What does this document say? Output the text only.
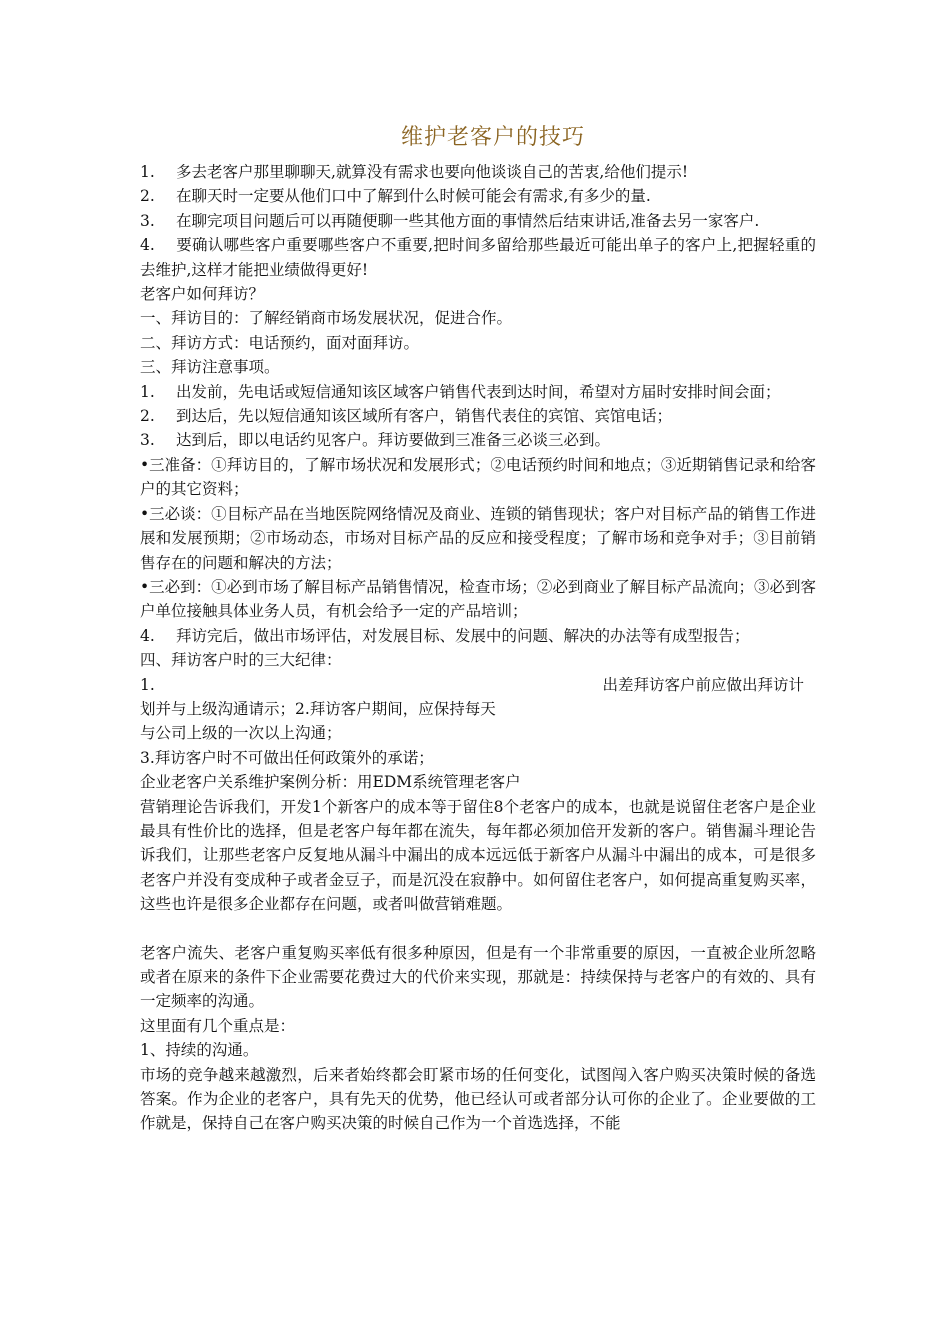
维护老客户的技巧

1. 多去老客户那里聊聊天,就算没有需求也要向他谈谈自己的苦衷,给他们提示!

2. 在聊天时一定要从他们口中了解到什么时候可能会有需求,有多少的量.

3. 在聊完项目问题后可以再随便聊一些其他方面的事情然后结束讲话,准备去另一家客户.

4. 要确认哪些客户重要哪些客户不重要,把时间多留给那些最近可能出单子的客户上,把握轻重的去维护,这样才能把业绩做得更好!

老客户如何拜访？

一、拜访目的：了解经销商市场发展状况，促进合作。

二、拜访方式：电话预约，面对面拜访。

三、拜访注意事项。

1. 出发前，先电话或短信通知该区域客户销售代表到达时间，希望对方届时安排时间会面；

2. 到达后，先以短信通知该区域所有客户，销售代表住的宾馆、宾馆电话；

3. 达到后，即以电话约见客户。拜访要做到三准备三必谈三必到。

•三准备：①拜访目的，了解市场状况和发展形式；②电话预约时间和地点；③近期销售记录和给客户的其它资料；

•三必谈：①目标产品在当地医院网络情况及商业、连锁的销售现状；客户对目标产品的销售工作进展和发展预期；②市场动态，市场对目标产品的反应和接受程度；了解市场和竞争对手；③目前销售存在的问题和解决的方法；

•三必到：①必到市场了解目标产品销售情况，检查市场；②必到商业了解目标产品流向；③必到客户单位接触具体业务人员，有机会给予一定的产品培训；

4. 拜访完后，做出市场评估，对发展目标、发展中的问题、解决的办法等有成型报告；

四、拜访客户时的三大纪律：

1.	出差拜访客户前应做出拜访计

划并与上级沟通请示；2.拜访客户期间，应保持每天

与公司上级的一次以上沟通；

3.拜访客户时不可做出任何政策外的承诺；

企业老客户关系维护案例分析：用EDM系统管理老客户

营销理论告诉我们，开发1个新客户的成本等于留住8个老客户的成本，也就是说留住老客户是企业最具有性价比的选择，但是老客户每年都在流失，每年都必须加倍开发新的客户。销售漏斗理论告诉我们，让那些老客户反复地从漏斗中漏出的成本远远低于新客户从漏斗中漏出的成本，可是很多老客户并没有变成种子或者金豆子，而是沉没在寂静中。如何留住老客户，如何提高重复购买率，这些也许是很多企业都存在问题，或者叫做营销难题。

老客户流失、老客户重复购买率低有很多种原因，但是有一个非常重要的原因，一直被企业所忽略或者在原来的条件下企业需要花费过大的代价来实现，那就是：持续保持与老客户的有效的、具有一定频率的沟通。

这里面有几个重点是：

1、持续的沟通。

市场的竞争越来越激烈，后来者始终都会盯紧市场的任何变化，试图闯入客户购买决策时候的备选答案。作为企业的老客户，具有先天的优势，他已经认可或者部分认可你的企业了。企业要做的工作就是，保持自己在客户购买决策的时候自己作为一个首选选择，不能
